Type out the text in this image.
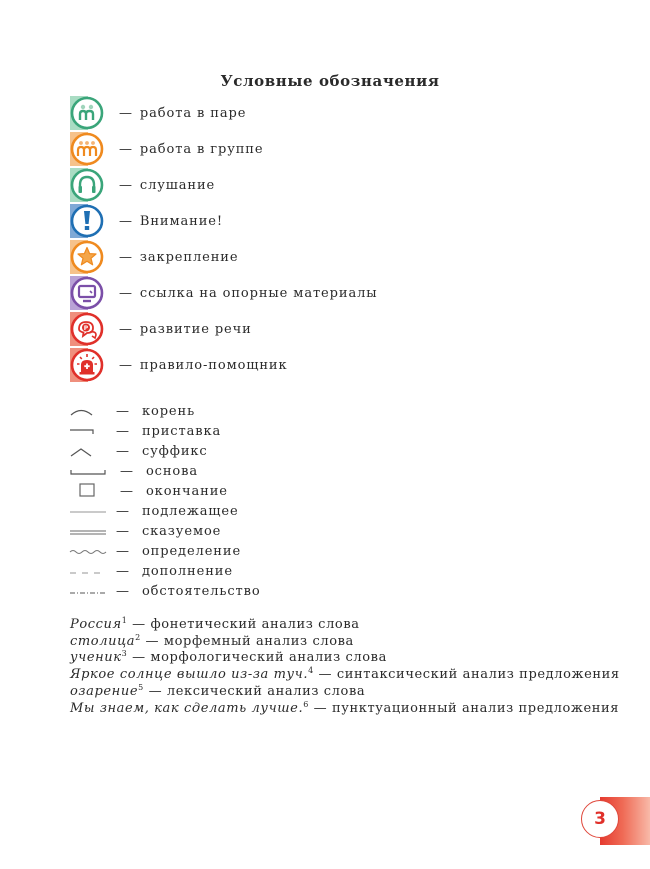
Условные обозначения
— работа в паре
— работа в группе
— слушание
— Внимание!
— закрепление
— ссылка на опорные материалы
P — развитие речи
— правило-помощник
— корень
— приставка
— суффикс
— основа
— окончание
— подлежащее
— сказуемое
— определение
— дополнение
— обстоятельство
Россия$^1$ — фонетический анализ слова
столица$^2$ — морфемный анализ слова
ученик$^3$ — морфологический анализ слова
Яркое солнце вышло из-за туч.$^4$ — синтаксический анализ предложения
озарение$^5$ — лексический анализ слова
Мы знаем, как сделать лучше.$^6$ — пунктуационный анализ предложения
3
